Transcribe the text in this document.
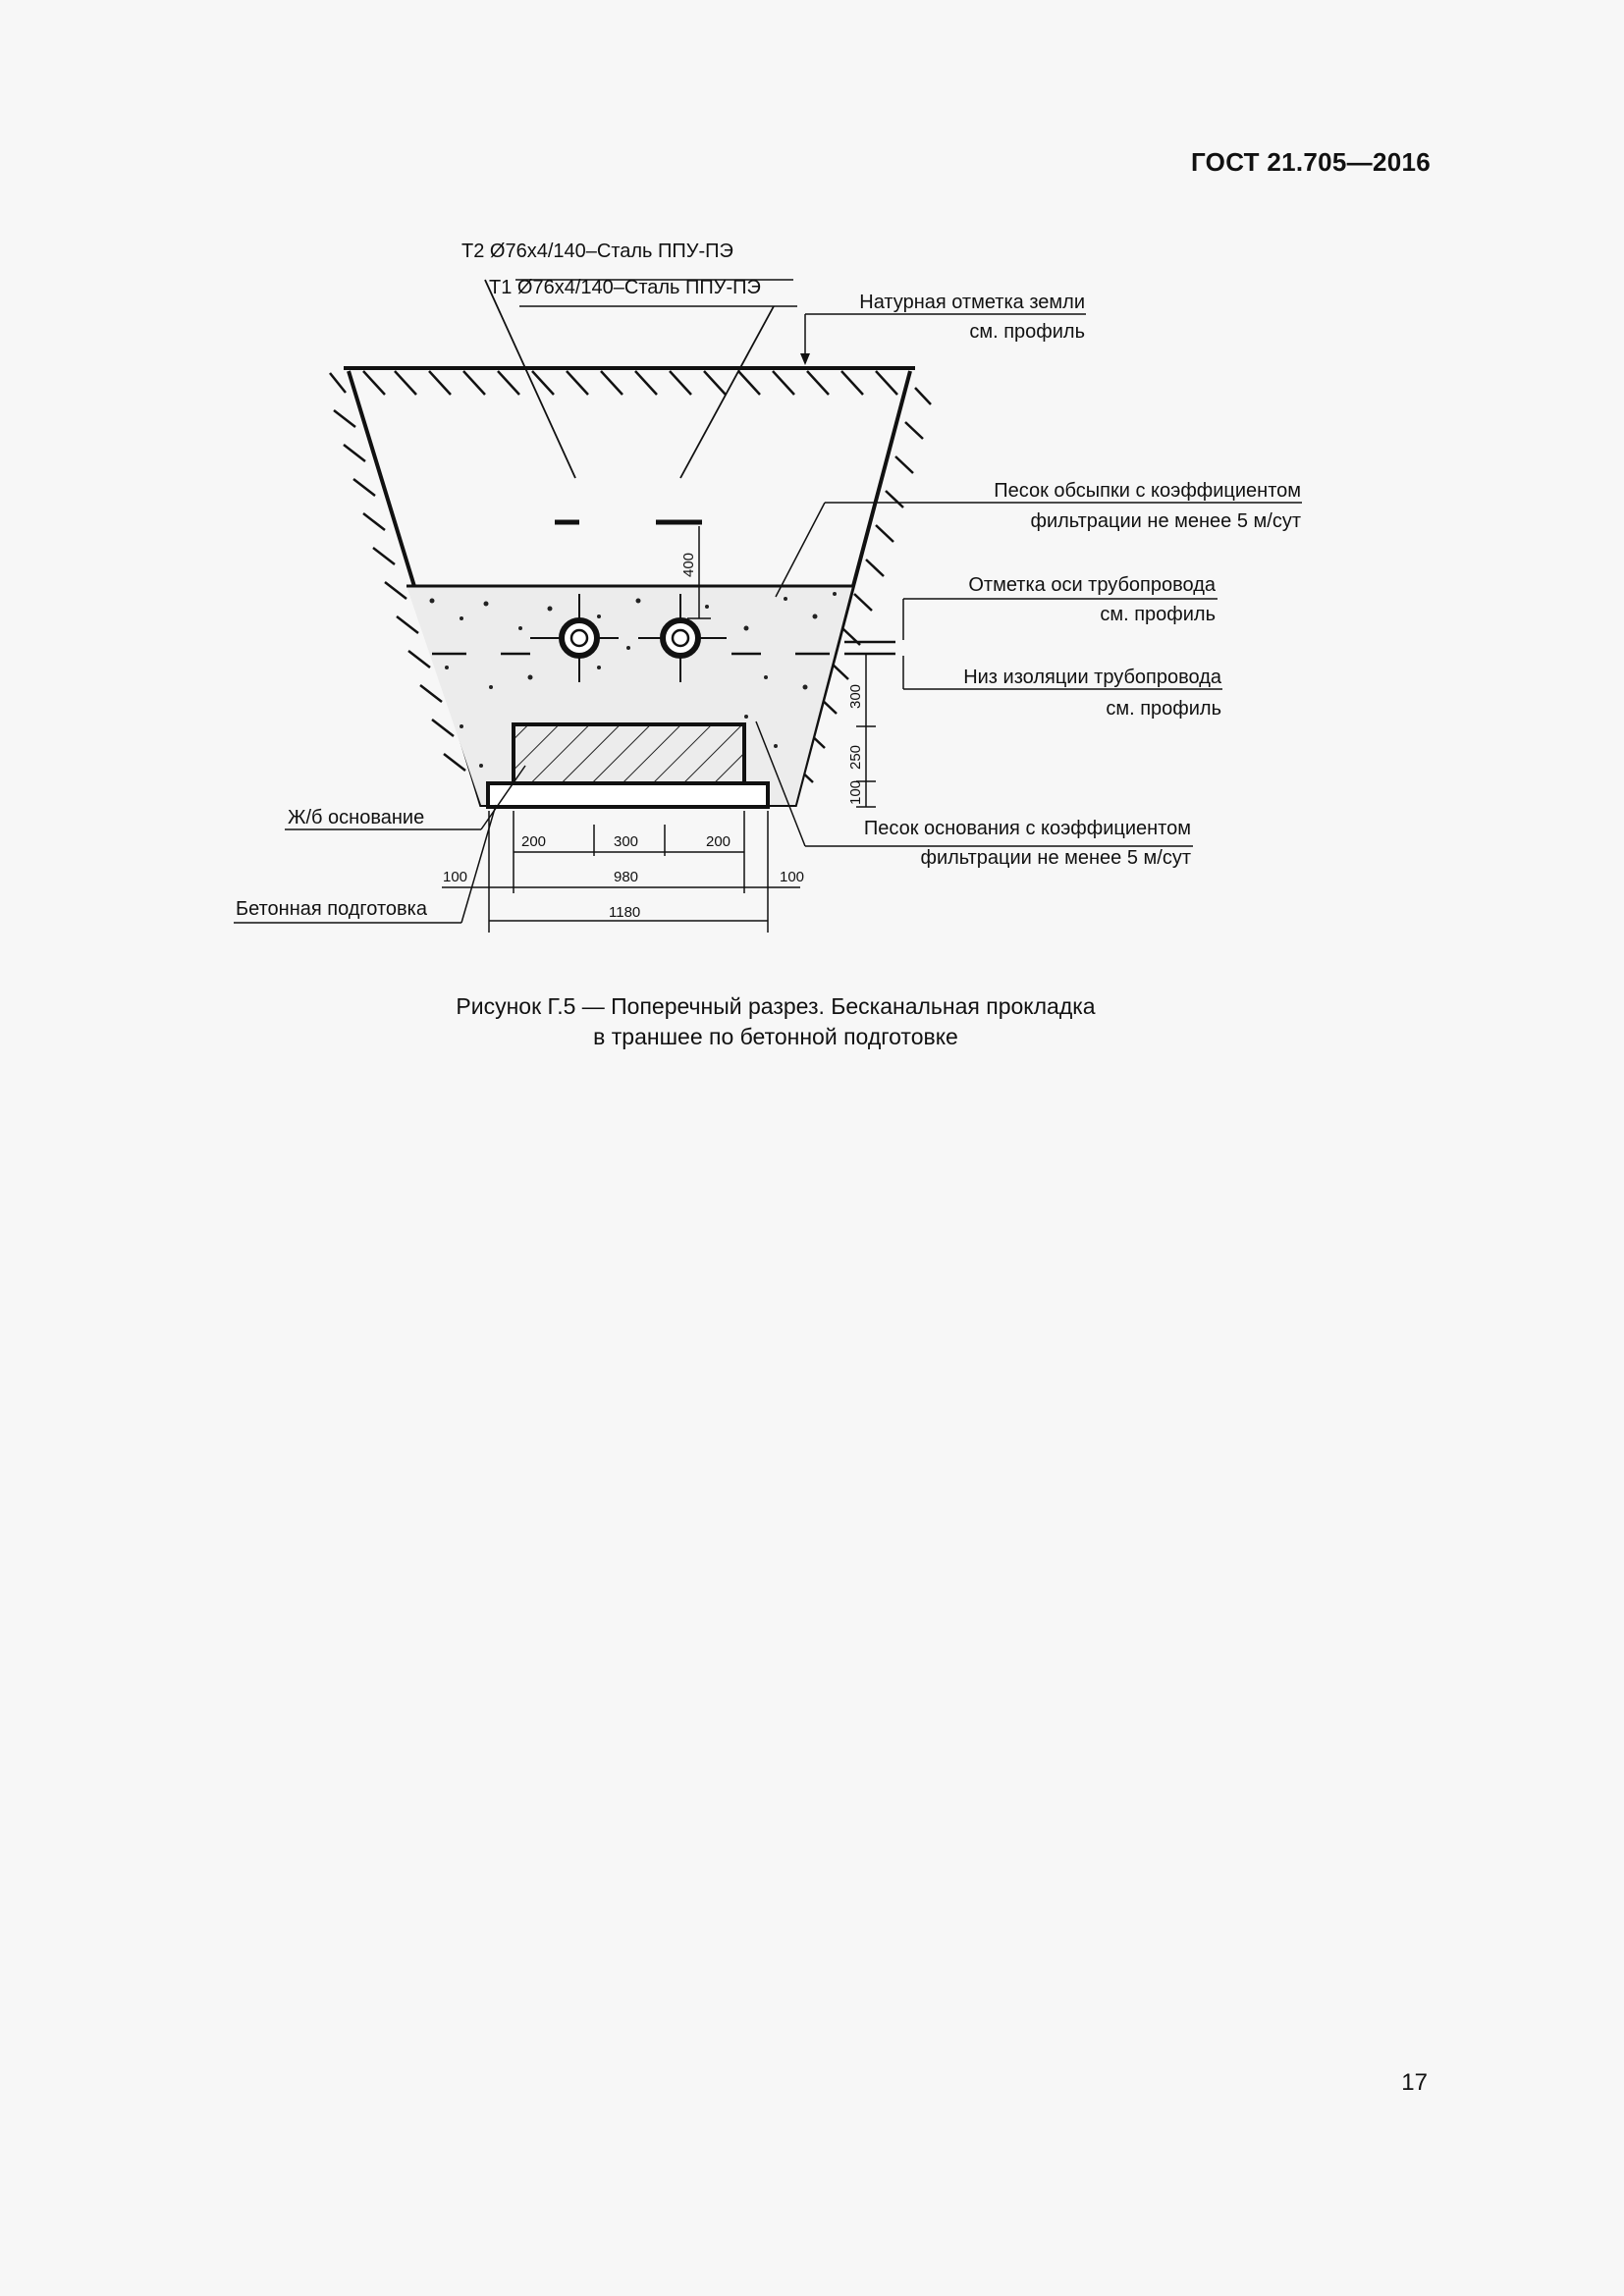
ГОСТ 21.705—2016
400
Т2 Ø76x4/140–Сталь ППУ-ПЭ
Т1 Ø76x4/140–Сталь ППУ-ПЭ
Натурная отметка земли
см. профиль
Песок обсыпки с коэффициентом
фильтрации не менее 5 м/сут
Отметка оси трубопровода
см. профиль
Низ изоляции трубопровода
см. профиль
300
250
100
Ж/б основание	Песок основания с коэффициентом
фильтрации не менее 5 м/сут
Бетонная подготовка
200	300	200
100	980	100
1180
Рисунок Г.5 — Поперечный разрез. Бесканальная прокладка
в траншее по бетонной подготовке
17
